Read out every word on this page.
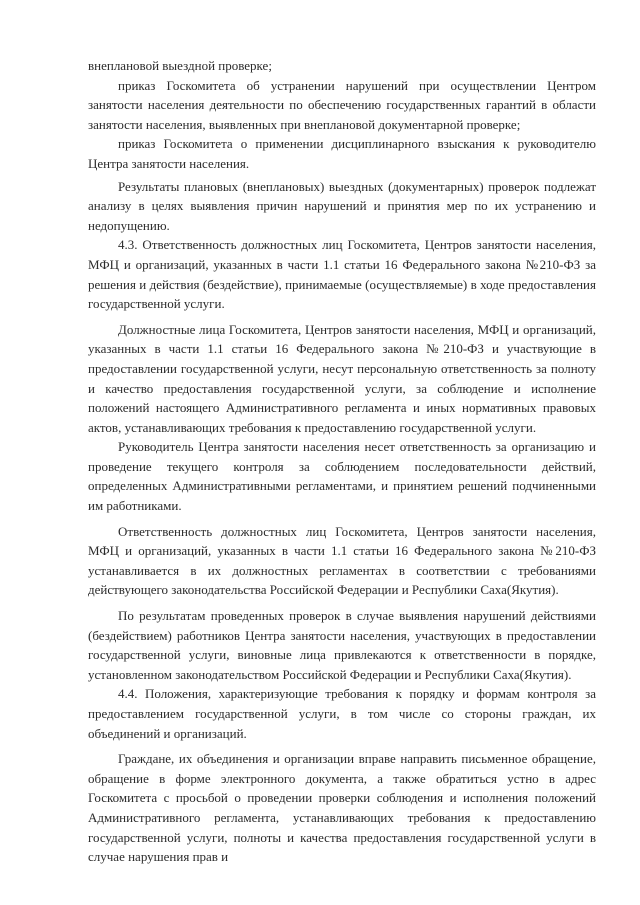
внеплановой выездной проверке;

приказ Госкомитета об устранении нарушений при осуществлении Центром занятости населения деятельности по обеспечению государственных гарантий в области занятости населения, выявленных при внеплановой документарной проверке;

приказ Госкомитета о применении дисциплинарного взыскания к руководителю Центра занятости населения.

Результаты плановых (внеплановых) выездных (документарных) проверок подлежат анализу в целях выявления причин нарушений и принятия мер по их устранению и недопущению.

4.3. Ответственность должностных лиц Госкомитета, Центров занятости населения, МФЦ и организаций, указанных в части 1.1 статьи 16 Федерального закона №210-ФЗ за решения и действия (бездействие), принимаемые (осуществляемые) в ходе предоставления государственной услуги.

Должностные лица Госкомитета, Центров занятости населения, МФЦ и организаций, указанных в части 1.1 статьи 16 Федерального закона №210-ФЗ и участвующие в предоставлении государственной услуги, несут персональную ответственность за полноту и качество предоставления государственной услуги, за соблюдение и исполнение положений настоящего Административного регламента и иных нормативных правовых актов, устанавливающих требования к предоставлению государственной услуги.

Руководитель Центра занятости населения несет ответственность за организацию и проведение текущего контроля за соблюдением последовательности действий, определенных Административными регламентами, и принятием решений подчиненными им работниками.

Ответственность должностных лиц Госкомитета, Центров занятости населения, МФЦ и организаций, указанных в части 1.1 статьи 16 Федерального закона №210-ФЗ устанавливается в их должностных регламентах в соответствии с требованиями действующего законодательства Российской Федерации и Республики Саха(Якутия).

По результатам проведенных проверок в случае выявления нарушений действиями (бездействием) работников Центра занятости населения, участвующих в предоставлении государственной услуги, виновные лица привлекаются к ответственности в порядке, установленном законодательством Российской Федерации и Республики Саха(Якутия).

4.4. Положения, характеризующие требования к порядку и формам контроля за предоставлением государственной услуги, в том числе со стороны граждан, их объединений и организаций.

Граждане, их объединения и организации вправе направить письменное обращение, обращение в форме электронного документа, а также обратиться устно в адрес Госкомитета с просьбой о проведении проверки соблюдения и исполнения положений Административного регламента, устанавливающих требования к предоставлению государственной услуги, полноты и качества предоставления государственной услуги в случае нарушения прав и
